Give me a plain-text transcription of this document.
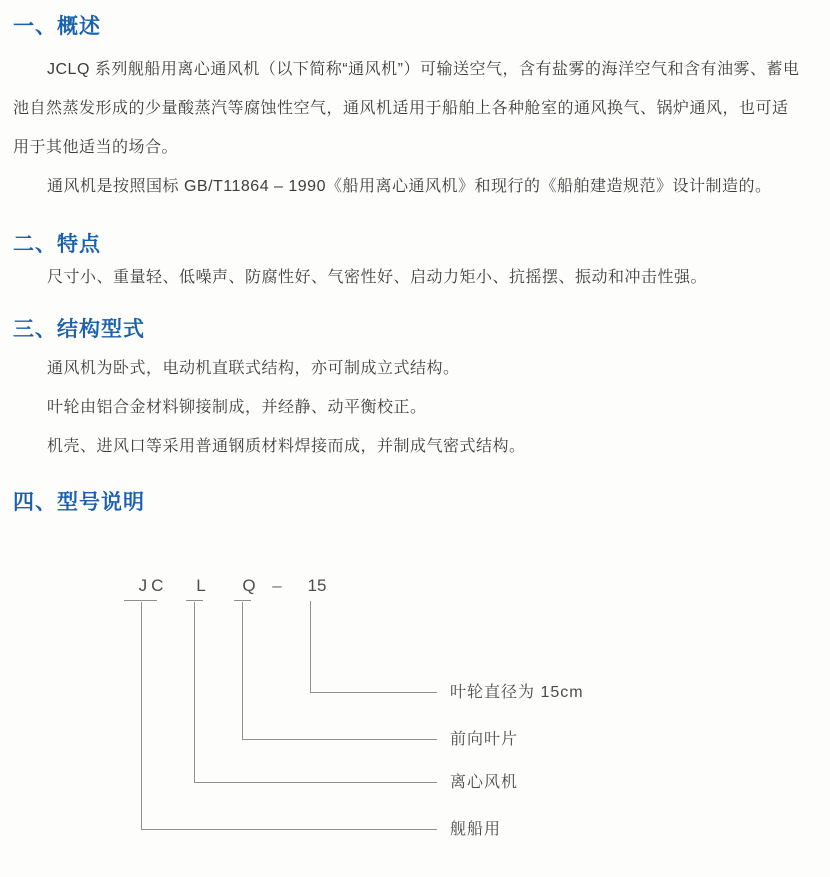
一、概述
JCLQ 系列舰船用离心通风机（以下简称“通风机”）可输送空气，含有盐雾的海洋空气和含有油雾、蓄电
池自然蒸发形成的少量酸蒸汽等腐蚀性空气，通风机适用于船舶上各种舱室的通风换气、锅炉通风，也可适
用于其他适当的场合。
通风机是按照国标 GB/T11864 – 1990《船用离心通风机》和现行的《船舶建造规范》设计制造的。
二、特点
尺寸小、重量轻、低噪声、防腐性好、气密性好、启动力矩小、抗摇摆、振动和冲击性强。
三、结构型式
通风机为卧式，电动机直联式结构，亦可制成立式结构。
叶轮由铝合金材料铆接制成，并经静、动平衡校正。
机壳、进风口等采用普通钢质材料焊接而成，并制成气密式结构。
四、型号说明
JC	L	Q –	15
叶轮直径为 15cm
前向叶片
离心风机
舰船用
